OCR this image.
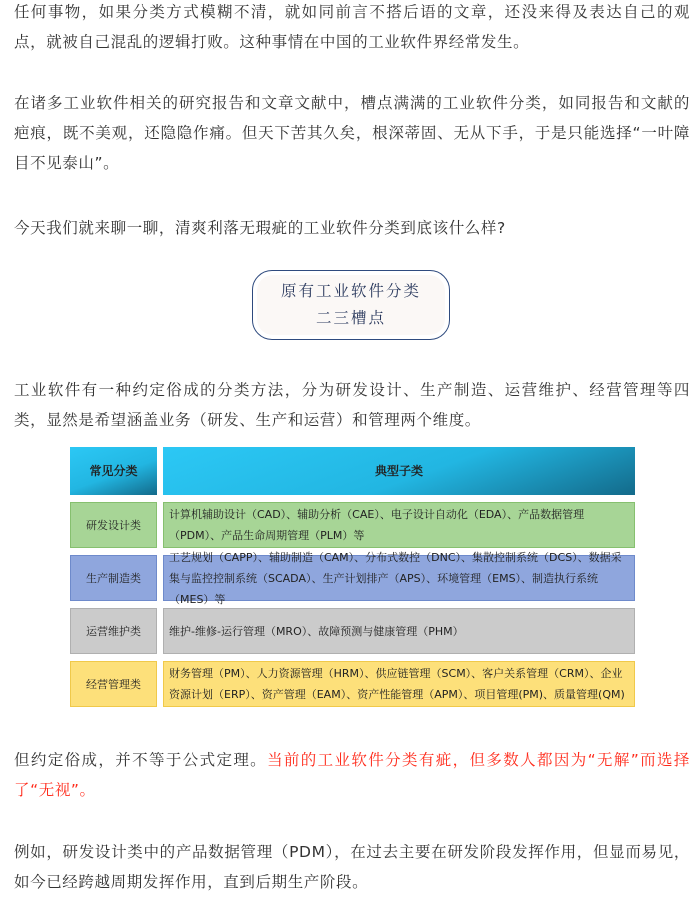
任何事物，如果分类方式模糊不清，就如同前言不搭后语的文章，还没来得及表达自己的观点，就被自己混乱的逻辑打败。这种事情在中国的工业软件界经常发生。

在诸多工业软件相关的研究报告和文章文献中，槽点满满的工业软件分类，如同报告和文献的疤痕，既不美观，还隐隐作痛。但天下苦其久矣，根深蒂固、无从下手，于是只能选择“一叶障目不见泰山”。

今天我们就来聊一聊，清爽利落无瑕疵的工业软件分类到底该什么样?

原有工业软件分类
二三槽点

工业软件有一种约定俗成的分类方法，分为研发设计、生产制造、运营维护、经营管理等四类，显然是希望涵盖业务（研发、生产和运营）和管理两个维度。

常见分类	典型子类
研发设计类
计算机辅助设计（CAD）、辅助分析（CAE）、电子设计自动化（EDA）、产品数据管理（PDM）、产品生命周期管理（PLM）等
生产制造类
工艺规划（CAPP）、辅助制造（CAM）、分布式数控（DNC）、集散控制系统（DCS）、数据采集与监控控制系统（SCADA）、生产计划排产（APS）、环境管理（EMS）、制造执行系统（MES）等
运营维护类	维护-维修-运行管理（MRO）、故障预测与健康管理（PHM）
经营管理类
财务管理（PM）、人力资源管理（HRM）、供应链管理（SCM）、客户关系管理（CRM）、企业资源计划（ERP）、资产管理（EAM）、资产性能管理（APM）、项目管理(PM)、质量管理(QM)

但约定俗成，并不等于公式定理。当前的工业软件分类有疵，但多数人都因为“无解”而选择了“无视”。

例如，研发设计类中的产品数据管理（PDM），在过去主要在研发阶段发挥作用，但显而易见，如今已经跨越周期发挥作用，直到后期生产阶段。
